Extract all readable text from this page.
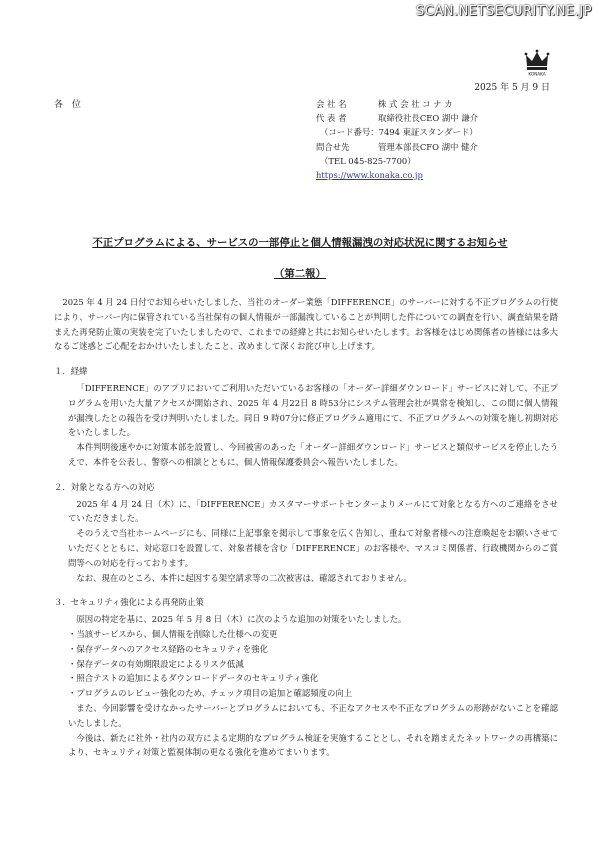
SCAN.NETSECURITY.NE.JP
KONAKA
2025 年 5 月 9 日
各 位	会 社 名	株 式 会 社 コ ナ カ
代 表 者	取締役社長CEO 湖中 謙介
（コード番号：7494 東証スタンダード）
問合せ先	管理本部長CFO 湖中 健介
（TEL 045-825-7700）
https://www.konaka.co.jp
不正プログラムによる、サービスの一部停止と個人情報漏洩の対応状況に関するお知らせ
（第二報）

2025 年 4 月 24 日付でお知らせいたしました、当社のオーダー業態「DIFFERENCE」のサーバーに対する不正プログラムの行使により、サーバー内に保管されている当社保有の個人情報が一部漏洩していることが判明した件についての調査を行い、調査結果を踏まえた再発防止策の実装を完了いたしましたので、これまでの経緯と共にお知らせいたします。お客様をはじめ関係者の皆様には多大なるご迷惑とご心配をおかけいたしましたこと、改めまして深くお詫び申し上げます。

１．経緯

「DIFFERENCE」のアプリにおいてご利用いただいているお客様の「オーダー詳細ダウンロード」サービスに対して、不正プログラムを用いた大量アクセスが開始され、2025 年 4 月22日 8 時53分にシステム管理会社が異常を検知し、この間に個人情報が漏洩したとの報告を受け判明いたしました。同日 9 時07分に修正プログラム適用にて、不正プログラムへの対策を施し初期対応をいたしました。

本件判明後速やかに対策本部を設置し、今回被害のあった「オーダー詳細ダウンロード」サービスと類似サービスを停止したうえで、本件を公表し、警察への相談とともに、個人情報保護委員会へ報告いたしました。

２．対象となる方への対応

2025 年 4 月 24 日（木）に、「DIFFERENCE」カスタマーサポートセンターよりメールにて対象となる方へのご連絡をさせていただきました。

そのうえで当社ホームページにも、同様に上記事象を掲示して事象を広く告知し、重ねて対象者様への注意喚起をお願いさせていただくとともに、対応窓口を設置して、対象者様を含む「DIFFERENCE」のお客様や、マスコミ関係者、行政機関からのご質問等への対応を行っております。

なお、現在のところ、本件に起因する架空請求等の二次被害は、確認されておりません。

３．セキュリティ強化による再発防止策

原因の特定を基に、2025 年 5 月 8 日（木）に次のような追加の対策をいたしました。

・当該サービスから、個人情報を削除した仕様への変更
・保存データへのアクセス経路のセキュリティを強化
・保存データの有効期限設定によるリスク低減
・照合テストの追加によるダウンロードデータのセキュリティ強化
・プログラムのレビュー強化のため、チェック項目の追加と確認頻度の向上

また、今回影響を受けなかったサーバーとプログラムにおいても、不正なアクセスや不正なプログラムの形跡がないことを確認いたしました。

今後は、新たに社外・社内の双方による定期的なプログラム検証を実施することとし、それを踏まえたネットワークの再構築により、セキュリティ対策と監視体制の更なる強化を進めてまいります。
